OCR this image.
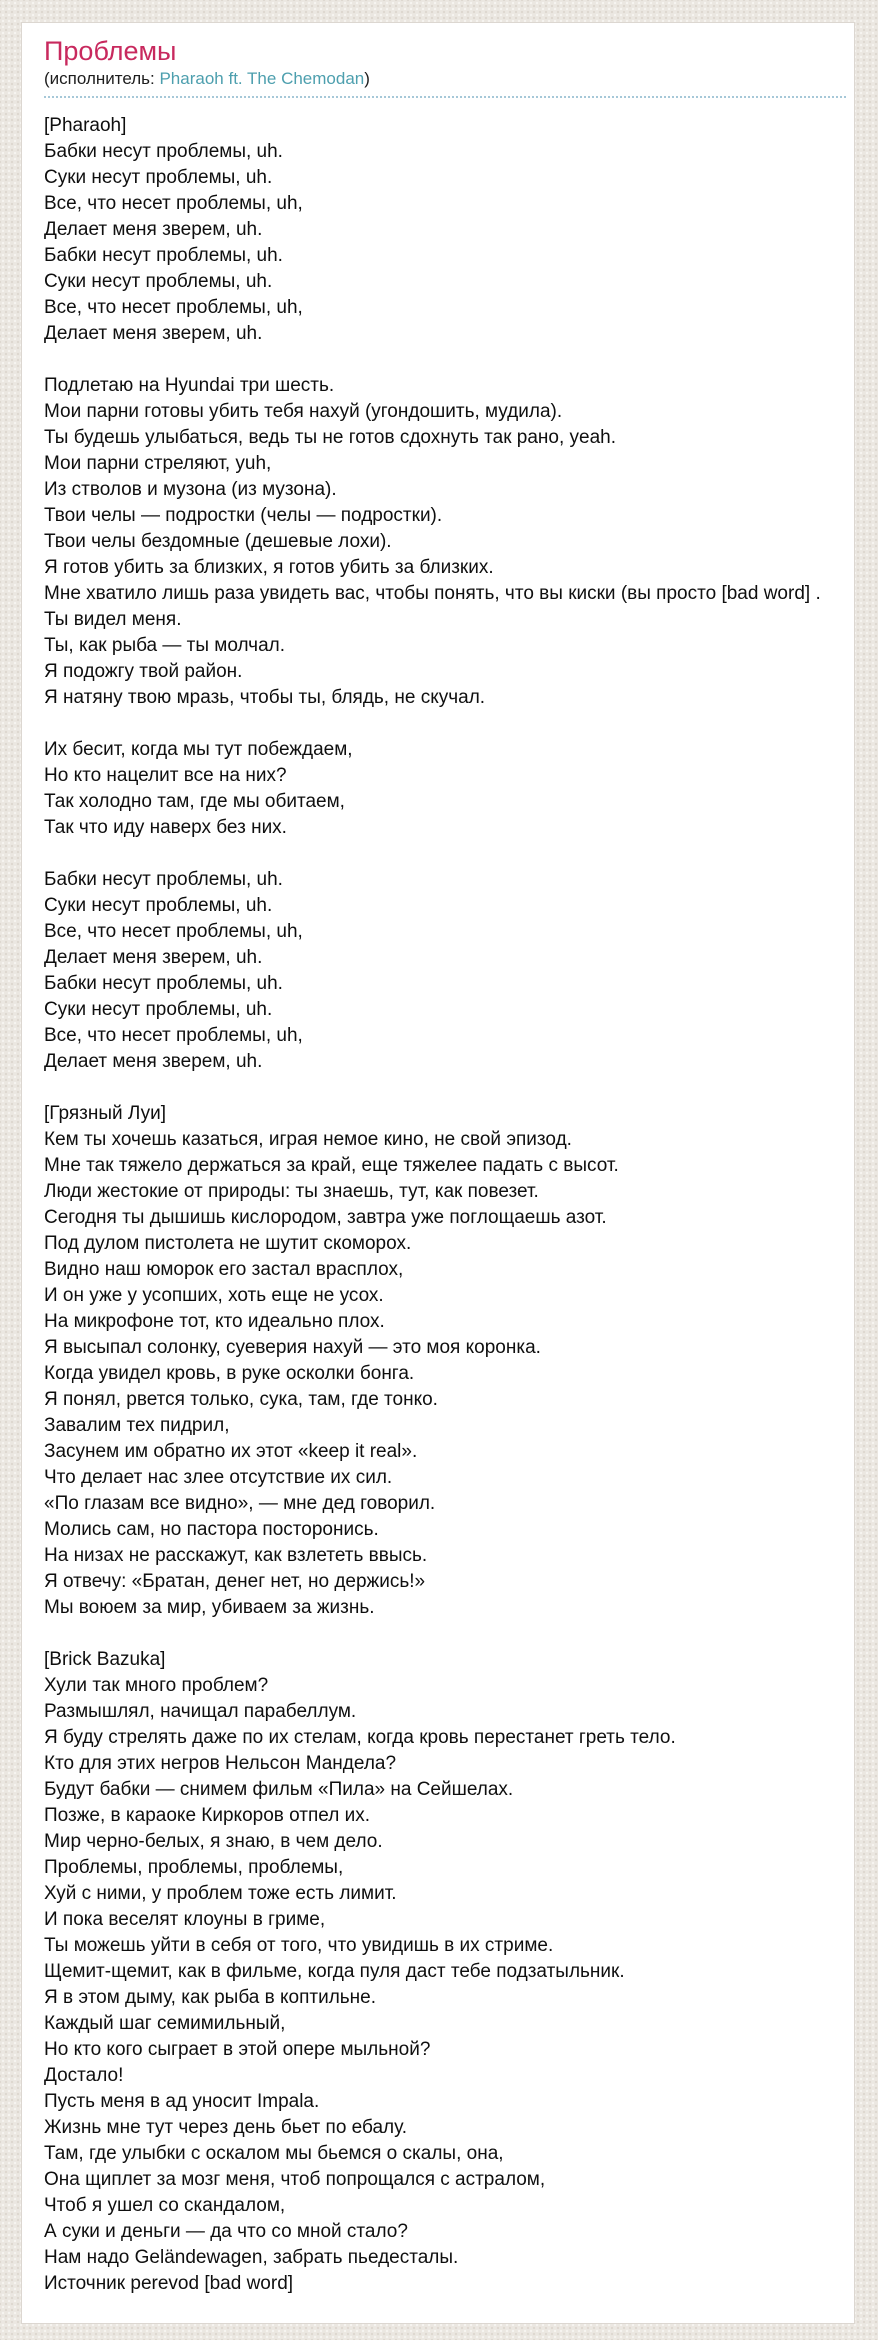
Проблемы
(исполнитель: Pharaoh ft. The Chemodan)
[Pharaoh]
Бабки несут проблемы, uh.
Суки несут проблемы, uh.
Все, что несет проблемы, uh,
Делает меня зверем, uh.
Бабки несут проблемы, uh.
Суки несут проблемы, uh.
Все, что несет проблемы, uh,
Делает меня зверем, uh.
Подлетаю на Hyundai три шесть.
Мои парни готовы убить тебя нахуй (угондошить, мудила).
Ты будешь улыбаться, ведь ты не готов сдохнуть так рано, yeah.
Мои парни стреляют, yuh,
Из стволов и музона (из музона).
Твои челы — подростки (челы — подростки).
Твои челы бездомные (дешевые лохи).
Я готов убить за близких, я готов убить за близких.
Мне хватило лишь раза увидеть вас, чтобы понять, что вы киски (вы просто [bad word] .
Ты видел меня.
Ты, как рыба — ты молчал.
Я подожгу твой район.
Я натяну твою мразь, чтобы ты, блядь, не скучал.
Их бесит, когда мы тут побеждаем,
Но кто нацелит все на них?
Так холодно там, где мы обитаем,
Так что иду наверх без них.
Бабки несут проблемы, uh.
Суки несут проблемы, uh.
Все, что несет проблемы, uh,
Делает меня зверем, uh.
Бабки несут проблемы, uh.
Суки несут проблемы, uh.
Все, что несет проблемы, uh,
Делает меня зверем, uh.
[Грязный Луи]
Кем ты хочешь казаться, играя немое кино, не свой эпизод.
Мне так тяжело держаться за край, еще тяжелее падать с высот.
Люди жестокие от природы: ты знаешь, тут, как повезет.
Сегодня ты дышишь кислородом, завтра уже поглощаешь азот.
Под дулом пистолета не шутит скоморох.
Видно наш юморок его застал врасплох,
И он уже у усопших, хоть еще не усох.
На микрофоне тот, кто идеально плох.
Я высыпал солонку, суеверия нахуй — это моя коронка.
Когда увидел кровь, в руке осколки бонга.
Я понял, рвется только, сука, там, где тонко.
Завалим тех пидрил,
Засунем им обратно их этот «keep it real».
Что делает нас злее отсутствие их сил.
«По глазам все видно», — мне дед говорил.
Молись сам, но пастора посторонись.
На низах не расскажут, как взлететь ввысь.
Я отвечу: «Братан, денег нет, но держись!»
Мы воюем за мир, убиваем за жизнь.
[Brick Bazuka]
Хули так много проблем?
Размышлял, начищал парабеллум.
Я буду стрелять даже по их стелам, когда кровь перестанет греть тело.
Кто для этих негров Нельсон Мандела?
Будут бабки — снимем фильм «Пила» на Сейшелах.
Позже, в караоке Киркоров отпел их.
Мир черно-белых, я знаю, в чем дело.
Проблемы, проблемы, проблемы,
Хуй с ними, у проблем тоже есть лимит.
И пока веселят клоуны в гриме,
Ты можешь уйти в себя от того, что увидишь в их стриме.
Щемит-щемит, как в фильме, когда пуля даст тебе подзатыльник.
Я в этом дыму, как рыба в коптильне.
Каждый шаг семимильный,
Но кто кого сыграет в этой опере мыльной?
Достало!
Пусть меня в ад уносит Impala.
Жизнь мне тут через день бьет по ебалу.
Там, где улыбки с оскалом мы бьемся о скалы, она,
Она щиплет за мозг меня, чтоб попрощался с астралом,
Чтоб я ушел со скандалом,
А суки и деньги — да что со мной стало?
Нам надо Geländewagen, забрать пьедесталы.
Источник perevod [bad word]
